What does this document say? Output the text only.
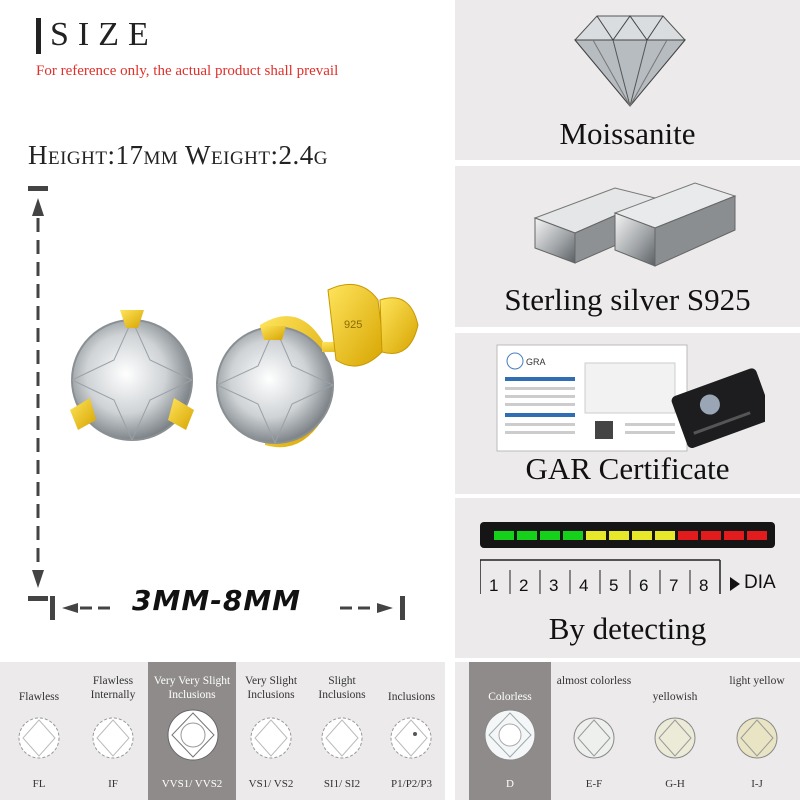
SIZE
For reference only, the actual product shall prevail
Height:17mm Weight:2.4g
3MM-8MM
925
Moissanite
Sterling silver S925
GRA
GAR Certificate
1 2 3 4 5 6 7 8 DIA
By detecting
Flawless
FL
Flawless Internally
IF
Very Very Slight Inclusions
VVS1/ VVS2
Very Slight Inclusions
VS1/ VS2
Slight Inclusions
SI1/ SI2
Inclusions
P1/P2/P3
Colorless
D
almost colorless
E-F
yellowish
G-H
light yellow
I-J
